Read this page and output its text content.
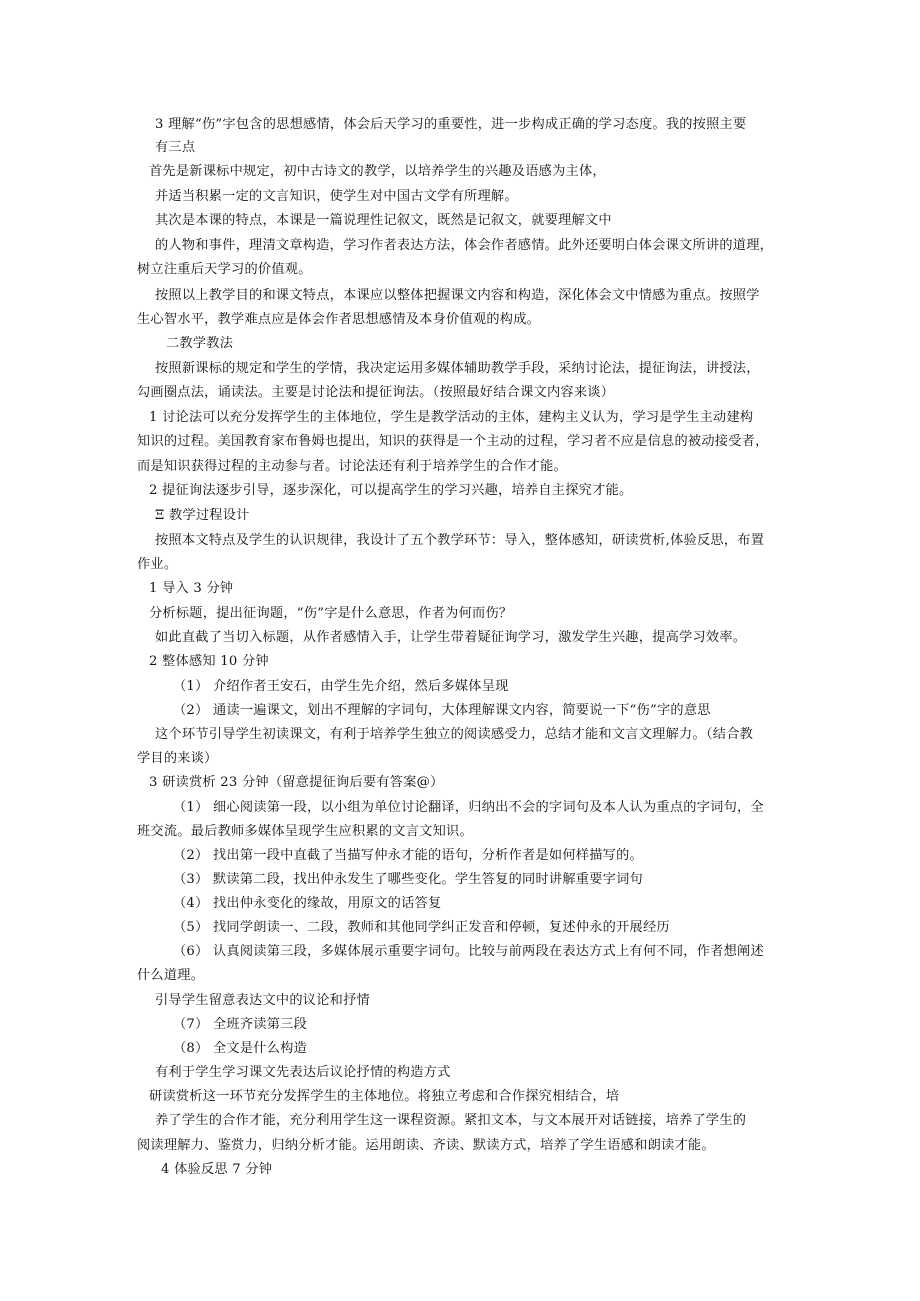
3 理解“伤”字包含的思想感情，体会后天学习的重要性，进一步构成正确的学习态度。我的按照主要
有三点
首先是新课标中规定，初中古诗文的教学，以培养学生的兴趣及语感为主体，
并适当积累一定的文言知识，使学生对中国古文学有所理解。
其次是本课的特点，本课是一篇说理性记叙文，既然是记叙文，就要理解文中
的人物和事件，理清文章构造，学习作者表达方法，体会作者感情。此外还要明白体会课文所讲的道理，
树立注重后天学习的价值观。
按照以上教学目的和课文特点，本课应以整体把握课文内容和构造，深化体会文中情感为重点。按照学
生心智水平，教学难点应是体会作者思想感情及本身价值观的构成。
二教学教法
按照新课标的规定和学生的学情，我决定运用多媒体辅助教学手段，采纳讨论法，提征询法，讲授法，
勾画圈点法，诵读法。主要是讨论法和提征询法。（按照最好结合课文内容来谈）
1 讨论法可以充分发挥学生的主体地位，学生是教学活动的主体，建构主义认为，学习是学生主动建构
知识的过程。美国教育家布鲁姆也提出，知识的获得是一个主动的过程，学习者不应是信息的被动接受者，
而是知识获得过程的主动参与者。讨论法还有利于培养学生的合作才能。
2 提征询法逐步引导，逐步深化，可以提高学生的学习兴趣，培养自主探究才能。
Ξ 教学过程设计
按照本文特点及学生的认识规律，我设计了五个教学环节：导入，整体感知，研读赏析,体验反思，布置
作业。
1 导入 3 分钟
分析标题，提出征询题，“伤”字是什么意思，作者为何而伤？
如此直截了当切入标题，从作者感情入手，让学生带着疑征询学习，激发学生兴趣，提高学习效率。
2 整体感知 10 分钟
（1） 介绍作者王安石，由学生先介绍，然后多媒体呈现
（2） 通读一遍课文，划出不理解的字词句，大体理解课文内容，简要说一下“伤”字的意思
这个环节引导学生初读课文，有利于培养学生独立的阅读感受力，总结才能和文言文理解力。（结合教
学目的来谈）
3 研读赏析 23 分钟（留意提征询后要有答案@）
（1） 细心阅读第一段，以小组为单位讨论翻译，归纳出不会的字词句及本人认为重点的字词句，全
班交流。最后教师多媒体呈现学生应积累的文言文知识。
（2） 找出第一段中直截了当描写仲永才能的语句，分析作者是如何样描写的。
（3） 默读第二段，找出仲永发生了哪些变化。学生答复的同时讲解重要字词句
（4） 找出仲永变化的缘故，用原文的话答复
（5） 找同学朗读一、二段，教师和其他同学纠正发音和停顿，复述仲永的开展经历
（6） 认真阅读第三段，多媒体展示重要字词句。比较与前两段在表达方式上有何不同，作者想阐述
什么道理。
引导学生留意表达文中的议论和抒情
（7） 全班齐读第三段
（8） 全文是什么构造
有利于学生学习课文先表达后议论抒情的构造方式
研读赏析这一环节充分发挥学生的主体地位。将独立考虑和合作探究相结合，培
养了学生的合作才能，充分利用学生这一课程资源。紧扣文本，与文本展开对话链接，培养了学生的
阅读理解力、鉴赏力，归纳分析才能。运用朗读、齐读、默读方式，培养了学生语感和朗读才能。
4 体验反思 7 分钟
